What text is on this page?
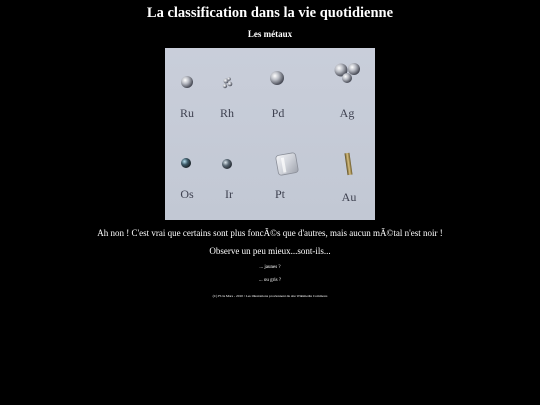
La classification dans la vie quotidienne
Les métaux
Ru	Rh	Pd	Ag
Os	Ir	Pt	Au
Ah non ! C'est vrai que certains sont plus foncÃ©s que d'autres, mais aucun mÃ©tal n'est noir !
Observe un peu mieux...sont-ils...
... jaunes ?
... ou gris ?
(C) FUA Mars - 2010 / Les illustrations proviennent du site Wikimedia Commons
